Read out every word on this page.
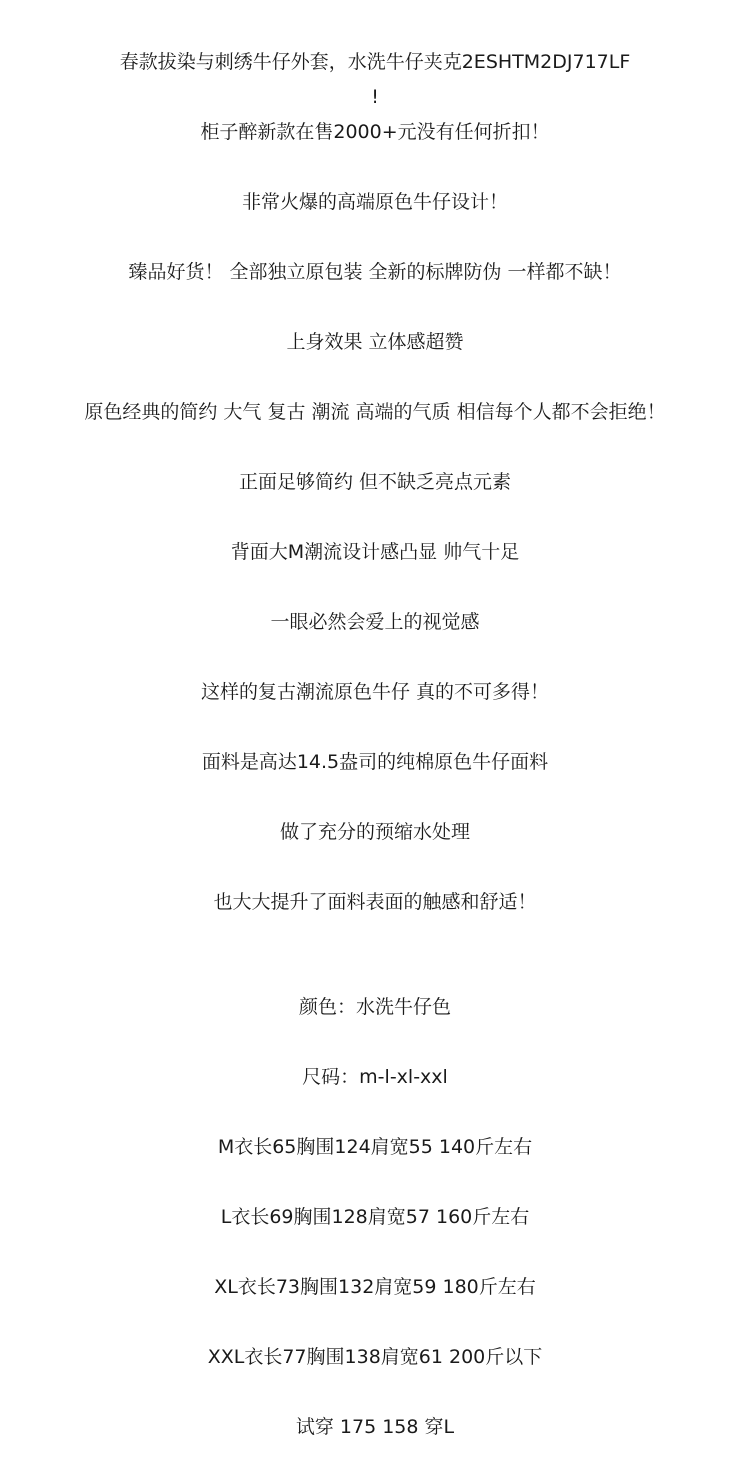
春款拔染与刺绣牛仔外套，水洗牛仔夹克2ESHTM2DJ717LF
!
柜子醉新款在售2000+元没有任何折扣！
非常火爆的高端原色牛仔设计！
臻品好货！ 全部独立原包装 全新的标牌防伪 一样都不缺！
上身效果 立体感超赞
原色经典的简约 大气 复古 潮流 高端的气质 相信每个人都不会拒绝！
正面足够简约 但不缺乏亮点元素
背面大M潮流设计感凸显 帅气十足
一眼必然会爱上的视觉感
这样的复古潮流原色牛仔 真的不可多得！
面料是高达14.5盎司的纯棉原色牛仔面料
做了充分的预缩水处理
也大大提升了面料表面的触感和舒适！
颜色：水洗牛仔色
尺码：m-l-xl-xxl
M衣长65胸围124肩宽55 140斤左右
L衣长69胸围128肩宽57 160斤左右
XL衣长73胸围132肩宽59 180斤左右
XXL衣长77胸围138肩宽61 200斤以下
试穿 175 158 穿L
